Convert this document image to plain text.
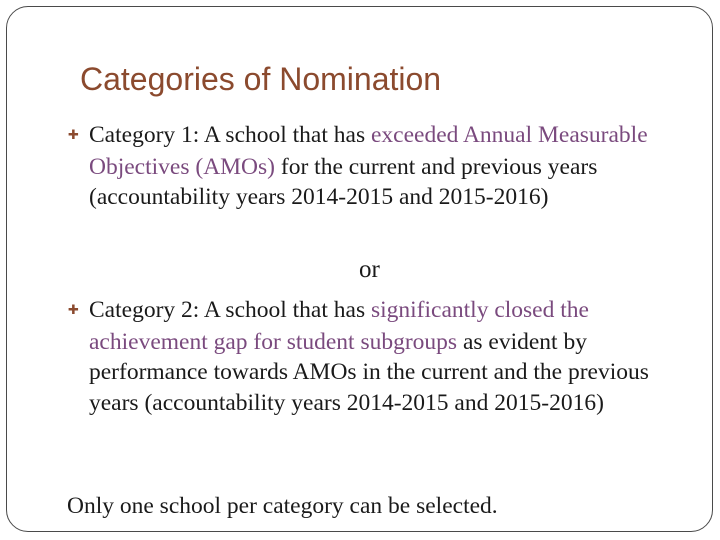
Categories of Nomination
✚ Category 1: A school that has exceeded Annual Measurable Objectives (AMOs) for the current and previous years (accountability years 2014-2015 and 2015-2016)
or
✚ Category 2: A school that has significantly closed the achievement gap for student subgroups as evident by performance towards AMOs in the current and the previous years (accountability years 2014-2015 and 2015-2016)
Only one school per category can be selected.
